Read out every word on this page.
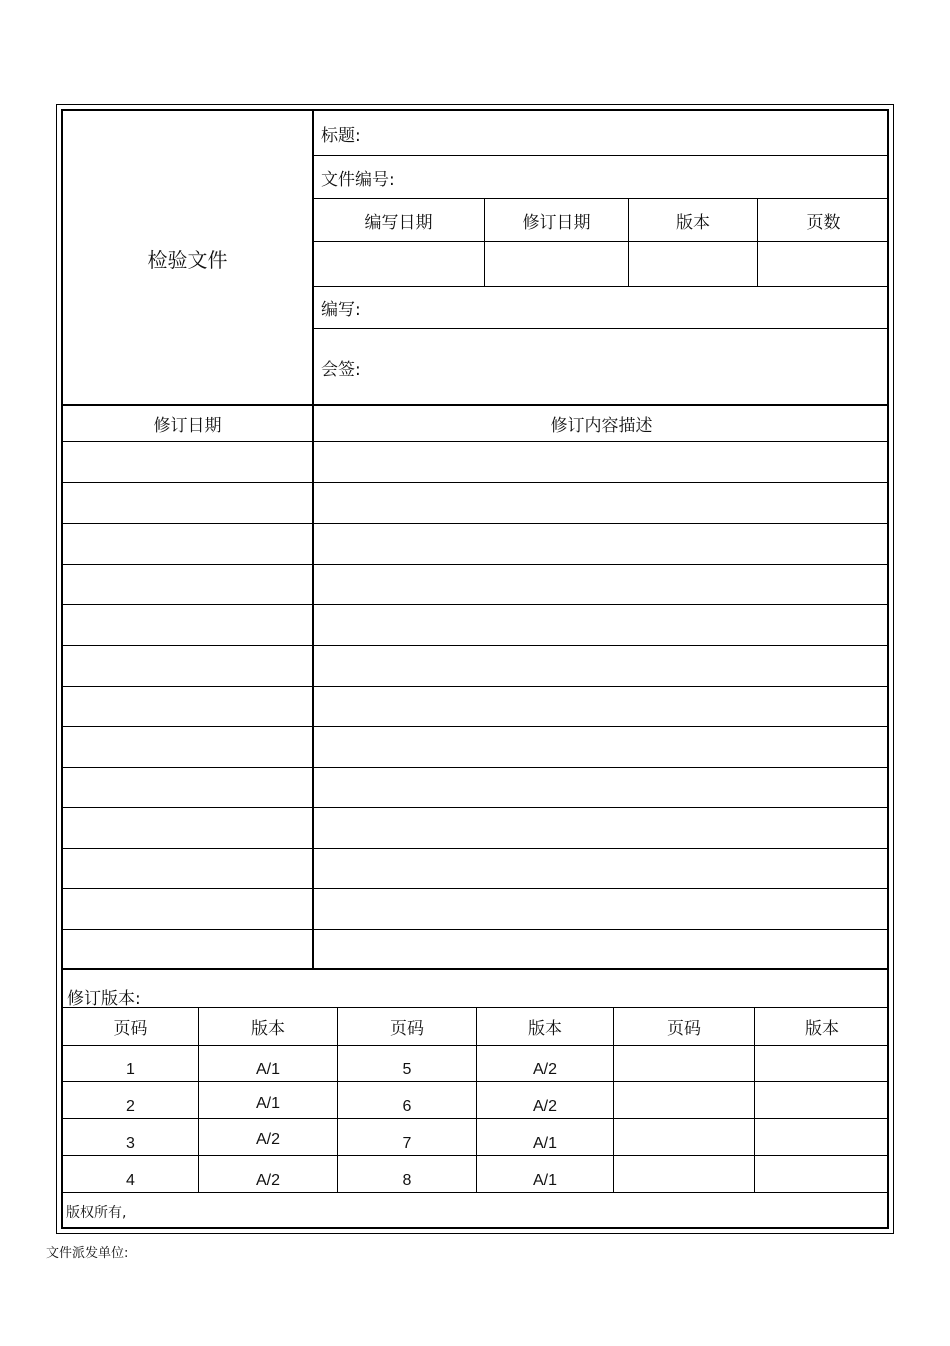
检验文件
标题:
文件编号:
编写日期	修订日期	版本	页数
编写:
会签:
修订日期	修订内容描述
修订版本:
页码	版本	页码	版本	页码	版本
1	A/1	5	A/2
2	A/1	6	A/2
3	A/2	7	A/1
4	A/2	8	A/1
版权所有,
文件派发单位:
